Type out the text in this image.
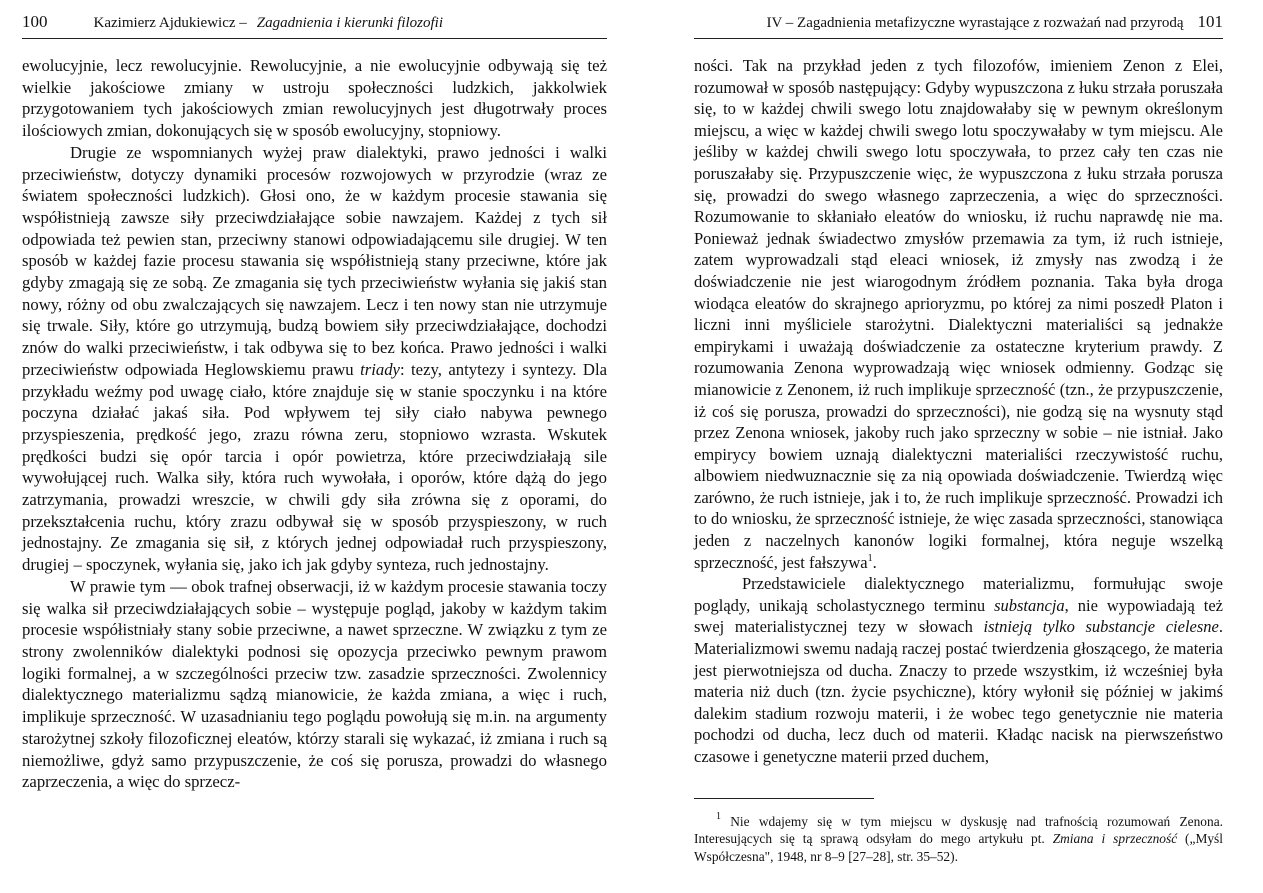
100	Kazimierz Ajdukiewicz – Zagadnienia i kierunki filozofii

ewolucyjnie, lecz rewolucyjnie. Rewolucyjnie, a nie ewolucyjnie odbywają się też wielkie jakościowe zmiany w ustroju społeczności ludzkich, jakkolwiek przygotowaniem tych jakościowych zmian rewolucyjnych jest długotrwały proces ilościowych zmian, dokonujących się w sposób ewolucyjny, stopniowy.

Drugie ze wspomnianych wyżej praw dialektyki, prawo jedności i walki przeciwieństw, dotyczy dynamiki procesów rozwojowych w przyrodzie (wraz ze światem społeczności ludzkich). Głosi ono, że w każdym procesie stawania się współistnieją zawsze siły przeciwdziałające sobie nawzajem. Każdej z tych sił odpowiada też pewien stan, przeciwny stanowi odpowiadającemu sile drugiej. W ten sposób w każdej fazie procesu stawania się współistnieją stany przeciwne, które jak gdyby zmagają się ze sobą. Ze zmagania się tych przeciwieństw wyłania się jakiś stan nowy, różny od obu zwalczających się nawzajem. Lecz i ten nowy stan nie utrzymuje się trwale. Siły, które go utrzymują, budzą bowiem siły przeciwdziałające, dochodzi znów do walki przeciwieństw, i tak odbywa się to bez końca. Prawo jedności i walki przeciwieństw odpowiada Heglowskiemu prawu triady: tezy, antytezy i syntezy. Dla przykładu weźmy pod uwagę ciało, które znajduje się w stanie spoczynku i na które poczyna działać jakaś siła. Pod wpływem tej siły ciało nabywa pewnego przyspieszenia, prędkość jego, zrazu równa zeru, stopniowo wzrasta. Wskutek prędkości budzi się opór tarcia i opór powietrza, które przeciwdziałają sile wywołującej ruch. Walka siły, która ruch wywołała, i oporów, które dążą do jego zatrzymania, prowadzi wreszcie, w chwili gdy siła zrówna się z oporami, do przekształcenia ruchu, który zrazu odbywał się w sposób przyspieszony, w ruch jednostajny. Ze zmagania się sił, z których jednej odpowiadał ruch przyspieszony, drugiej – spoczynek, wyłania się, jako ich jak gdyby synteza, ruch jednostajny.

W prawie tym — obok trafnej obserwacji, iż w każdym procesie stawania toczy się walka sił przeciwdziałających sobie – występuje pogląd, jakoby w każdym takim procesie współistniały stany sobie przeciwne, a nawet sprzeczne. W związku z tym ze strony zwolenników dialektyki podnosi się opozycja przeciwko pewnym prawom logiki formalnej, a w szczególności przeciw tzw. zasadzie sprzeczności. Zwolennicy dialektycznego materializmu sądzą mianowicie, że każda zmiana, a więc i ruch, implikuje sprzeczność. W uzasadnianiu tego poglądu powołują się m.in. na argumenty starożytnej szkoły filozoficznej eleatów, którzy starali się wykazać, iż zmiana i ruch są niemożliwe, gdyż samo przypuszczenie, że coś się porusza, prowadzi do własnego zaprzeczenia, a więc do sprzecz-

IV – Zagadnienia metafizyczne wyrastające z rozważań nad przyrodą 101

ności. Tak na przykład jeden z tych filozofów, imieniem Zenon z Elei, rozumował w sposób następujący: Gdyby wypuszczona z łuku strzała poruszała się, to w każdej chwili swego lotu znajdowałaby się w pewnym określonym miejscu, a więc w każdej chwili swego lotu spoczywałaby w tym miejscu. Ale jeśliby w każdej chwili swego lotu spoczywała, to przez cały ten czas nie poruszałaby się. Przypuszczenie więc, że wypuszczona z łuku strzała porusza się, prowadzi do swego własnego zaprzeczenia, a więc do sprzeczności. Rozumowanie to skłaniało eleatów do wniosku, iż ruchu naprawdę nie ma. Ponieważ jednak świadectwo zmysłów przemawia za tym, iż ruch istnieje, zatem wyprowadzali stąd eleaci wniosek, iż zmysły nas zwodzą i że doświadczenie nie jest wiarogodnym źródłem poznania. Taka była droga wiodąca eleatów do skrajnego aprioryzmu, po której za nimi poszedł Platon i liczni inni myśliciele starożytni. Dialektyczni materialiści są jednakże empirykami i uważają doświadczenie za ostateczne kryterium prawdy. Z rozumowania Zenona wyprowadzają więc wniosek odmienny. Godząc się mianowicie z Zenonem, iż ruch implikuje sprzeczność (tzn., że przypuszczenie, iż coś się porusza, prowadzi do sprzeczności), nie godzą się na wysnuty stąd przez Zenona wniosek, jakoby ruch jako sprzeczny w sobie – nie istniał. Jako empirycy bowiem uznają dialektyczni materialiści rzeczywistość ruchu, albowiem niedwuznacznie się za nią opowiada doświadczenie. Twierdzą więc zarówno, że ruch istnieje, jak i to, że ruch implikuje sprzeczność. Prowadzi ich to do wniosku, że sprzeczność istnieje, że więc zasada sprzeczności, stanowiąca jeden z naczelnych kanonów logiki formalnej, która neguje wszelką sprzeczność, jest fałszywa$^1$.

Przedstawiciele dialektycznego materializmu, formułując swoje poglądy, unikają scholastycznego terminu substancja, nie wypowiadają też swej materialistycznej tezy w słowach istnieją tylko substancje cielesne. Materializmowi swemu nadają raczej postać twierdzenia głoszącego, że materia jest pierwotniejsza od ducha. Znaczy to przede wszystkim, iż wcześniej była materia niż duch (tzn. życie psychiczne), który wyłonił się później w jakimś dalekim stadium rozwoju materii, i że wobec tego genetycznie nie materia pochodzi od ducha, lecz duch od materii. Kładąc nacisk na pierwszeństwo czasowe i genetyczne materii przed duchem,

$^1$ Nie wdajemy się w tym miejscu w dyskusję nad trafnością rozumowań Zenona. Interesujących się tą sprawą odsyłam do mego artykułu pt. Zmiana i sprzeczność („Myśl Współczesna", 1948, nr 8–9 [27–28], str. 35–52).
